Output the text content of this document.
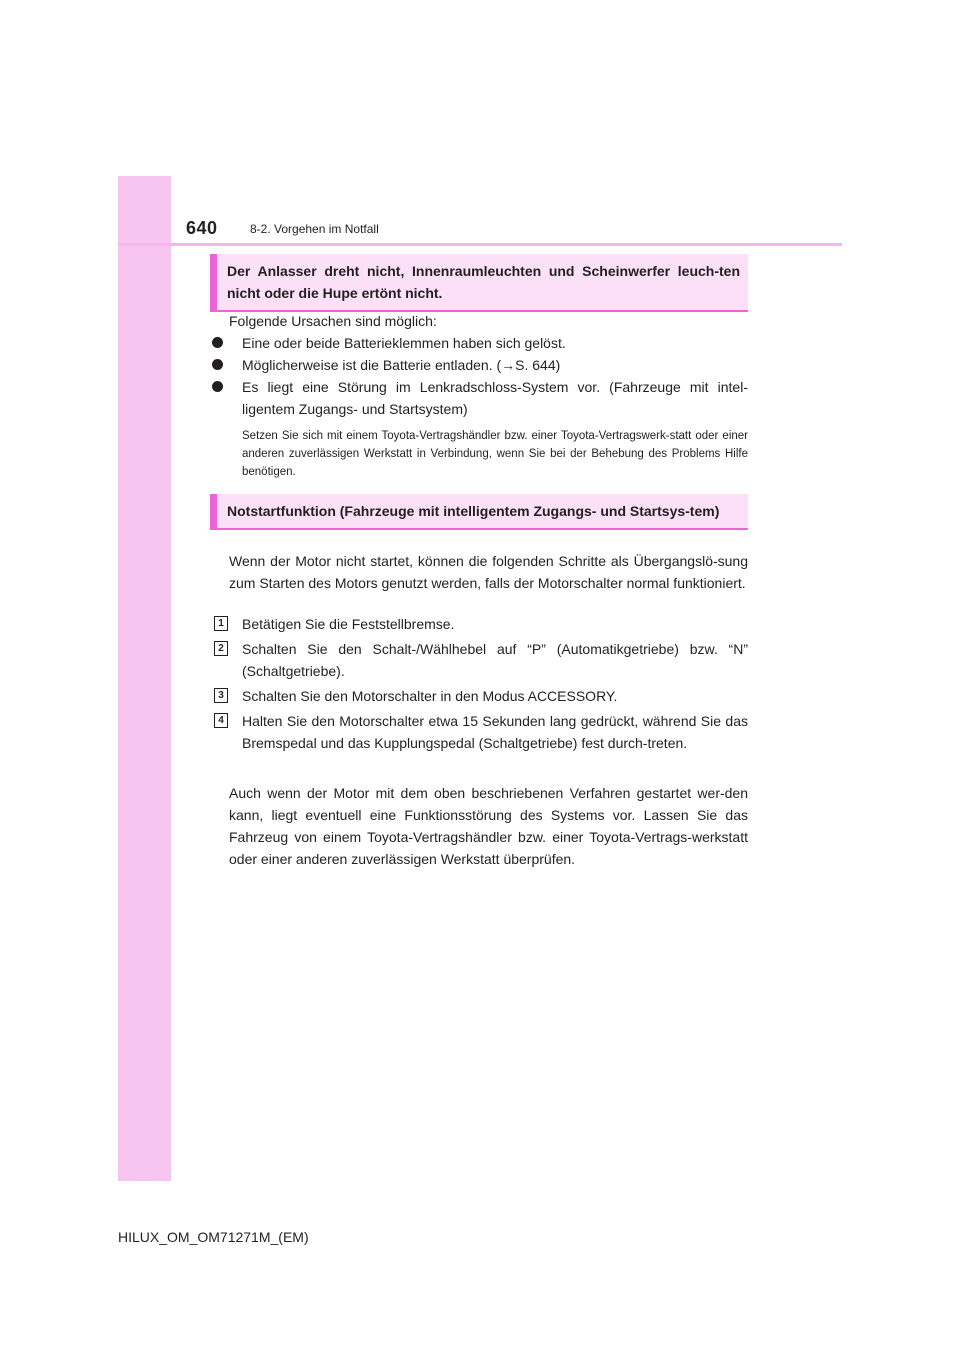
640	8-2. Vorgehen im Notfall
Der Anlasser dreht nicht, Innenraumleuchten und Scheinwerfer leuch-ten nicht oder die Hupe ertönt nicht.
Folgende Ursachen sind möglich:
Eine oder beide Batterieklemmen haben sich gelöst.
Möglicherweise ist die Batterie entladen. (→S. 644)
Es liegt eine Störung im Lenkradschloss-System vor. (Fahrzeuge mit intel-ligentem Zugangs- und Startsystem)
Setzen Sie sich mit einem Toyota-Vertragshändler bzw. einer Toyota-Vertragswerk-statt oder einer anderen zuverlässigen Werkstatt in Verbindung, wenn Sie bei der Behebung des Problems Hilfe benötigen.
Notstartfunktion (Fahrzeuge mit intelligentem Zugangs- und Startsys-tem)
Wenn der Motor nicht startet, können die folgenden Schritte als Übergangslö-sung zum Starten des Motors genutzt werden, falls der Motorschalter normal funktioniert.
1	Betätigen Sie die Feststellbremse.
2	Schalten Sie den Schalt-/Wählhebel auf “P” (Automatikgetriebe) bzw. “N” (Schaltgetriebe).
3	Schalten Sie den Motorschalter in den Modus ACCESSORY.
4	Halten Sie den Motorschalter etwa 15 Sekunden lang gedrückt, während Sie das Bremspedal und das Kupplungspedal (Schaltgetriebe) fest durch-treten.
Auch wenn der Motor mit dem oben beschriebenen Verfahren gestartet wer-den kann, liegt eventuell eine Funktionsstörung des Systems vor. Lassen Sie das Fahrzeug von einem Toyota-Vertragshändler bzw. einer Toyota-Vertrags-werkstatt oder einer anderen zuverlässigen Werkstatt überprüfen.
HILUX_OM_OM71271M_(EM)
